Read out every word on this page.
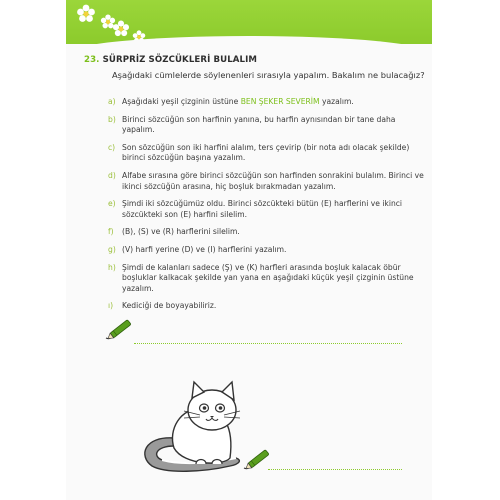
23. SÜRPRİZ SÖZCÜKLERİ BULALIM
Aşağıdaki cümlelerde söylenenleri sırasıyla yapalım. Bakalım ne bulacağız?
a) Aşağıdaki yeşil çizginin üstüne BEN ŞEKER SEVERİM yazalım.
b) Birinci sözcüğün son harfinin yanına, bu harfin aynısından bir tane daha yapalım.
c) Son sözcüğün son iki harfini alalım, ters çevirip (bir nota adı olacak şekilde) birinci sözcüğün başına yazalım.
d) Alfabe sırasına göre birinci sözcüğün son harfinden sonrakini bulalım. Birinci ve ikinci sözcüğün arasına, hiç boşluk bırakmadan yazalım.
e) Şimdi iki sözcüğümüz oldu. Birinci sözcükteki bütün (E) harflerini ve ikinci sözcükteki son (E) harfini silelim.
f)	(B), (S) ve (R) harflerini silelim.
g) (V) harfi yerine (D) ve (I) harflerini yazalım.
h) Şimdi de kalanları sadece (Ş) ve (K) harfleri arasında boşluk kalacak öbür boşluklar kalkacak şekilde yan yana en aşağıdaki küçük yeşil çizginin üstüne yazalım.
ı)	Kediciği de boyayabiliriz.
